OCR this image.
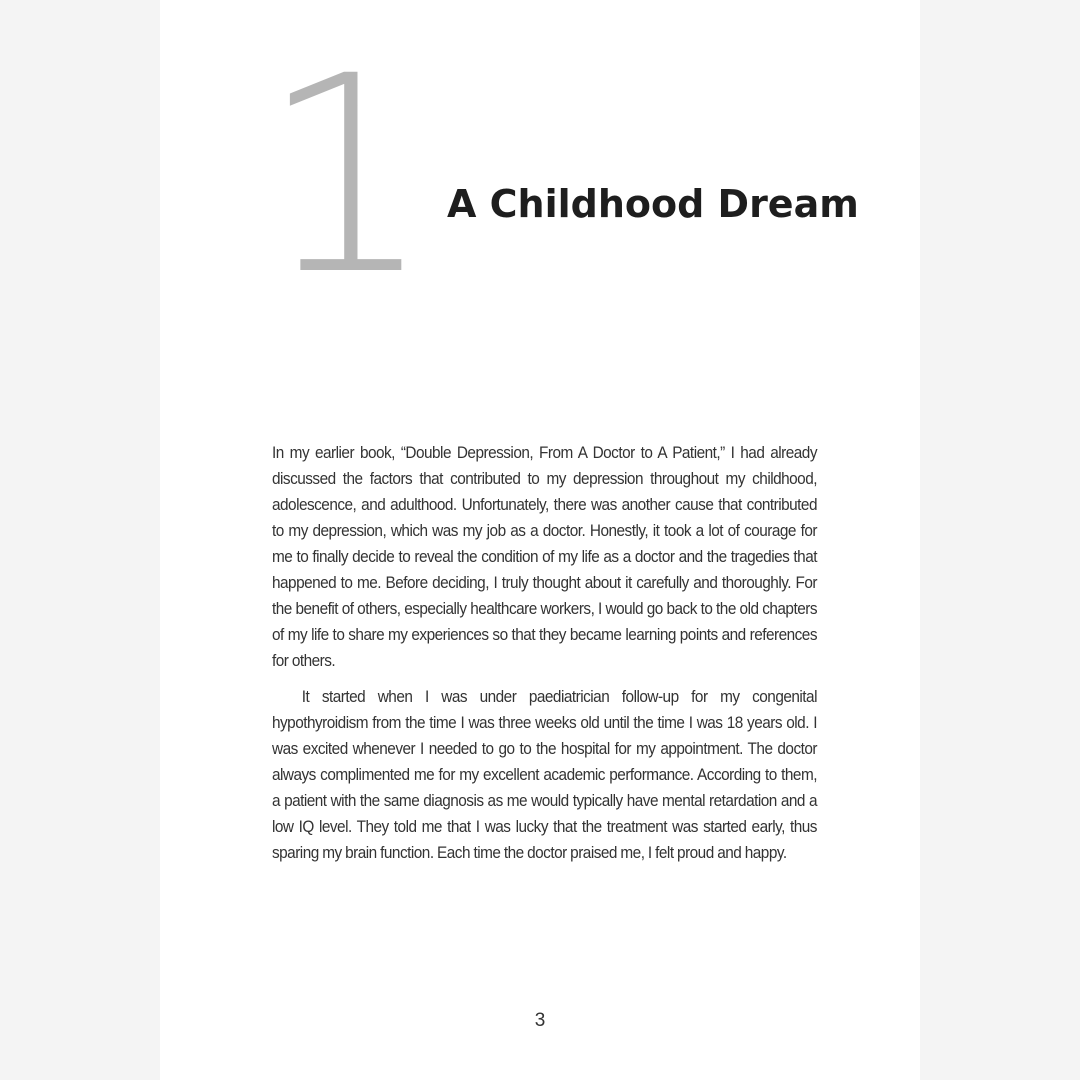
1 A Childhood Dream

In my earlier book, “Double Depression, From A Doctor to A Patient,” I had already discussed the factors that contributed to my depression throughout my childhood, adolescence, and adulthood. Unfortunately, there was another cause that contributed to my depression, which was my job as a doctor. Honestly, it took a lot of courage for me to finally decide to reveal the condition of my life as a doctor and the tragedies that happened to me. Before deciding, I truly thought about it carefully and thoroughly. For the benefit of others, especially healthcare workers, I would go back to the old chapters of my life to share my experiences so that they became learning points and references for others.

It started when I was under paediatrician follow-up for my congenital hypothyroidism from the time I was three weeks old until the time I was 18 years old. I was excited whenever I needed to go to the hospital for my appointment. The doctor always complimented me for my excellent academic performance. According to them, a patient with the same diagnosis as me would typically have mental retardation and a low IQ level. They told me that I was lucky that the treatment was started early, thus sparing my brain function. Each time the doctor praised me, I felt proud and happy.

3
